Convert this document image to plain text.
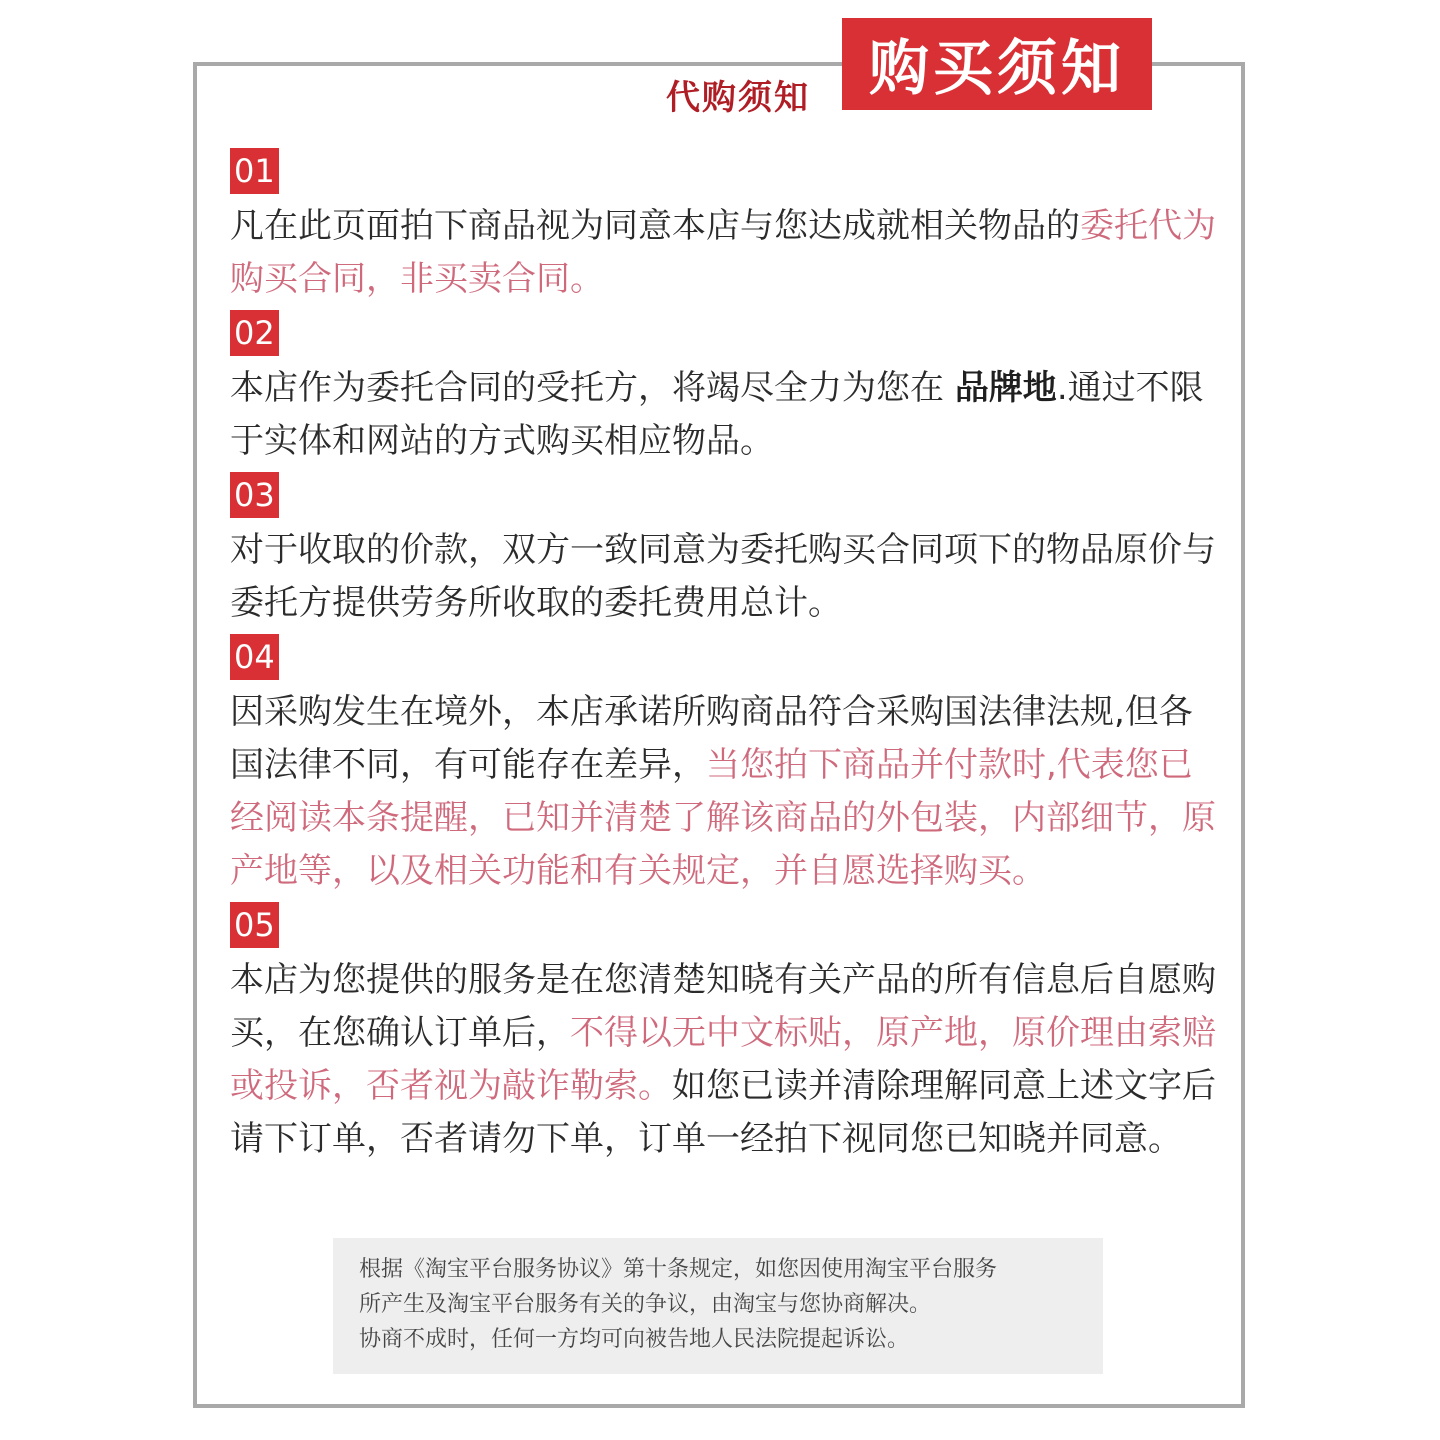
代购须知 购买须知
01

凡在此页面拍下商品视为同意本店与您达成就相关物品的委托代为购买合同，非买卖合同。

02

本店作为委托合同的受托方，将竭尽全力为您在 品牌地.通过不限于实体和网站的方式购买相应物品。

03

对于收取的价款，双方一致同意为委托购买合同项下的物品原价与委托方提供劳务所收取的委托费用总计。

04

因采购发生在境外，本店承诺所购商品符合采购国法律法规,但各国法律不同，有可能存在差异，当您拍下商品并付款时,代表您已经阅读本条提醒，已知并清楚了解该商品的外包装，内部细节，原产地等，以及相关功能和有关规定，并自愿选择购买。

05

本店为您提供的服务是在您清楚知晓有关产品的所有信息后自愿购买，在您确认订单后，不得以无中文标贴，原产地，原价理由索赔或投诉，否者视为敲诈勒索。如您已读并清除理解同意上述文字后请下订单，否者请勿下单，订单一经拍下视同您已知晓并同意。

根据《淘宝平台服务协议》第十条规定，如您因使用淘宝平台服务
所产生及淘宝平台服务有关的争议，由淘宝与您协商解决。
协商不成时，任何一方均可向被告地人民法院提起诉讼。
